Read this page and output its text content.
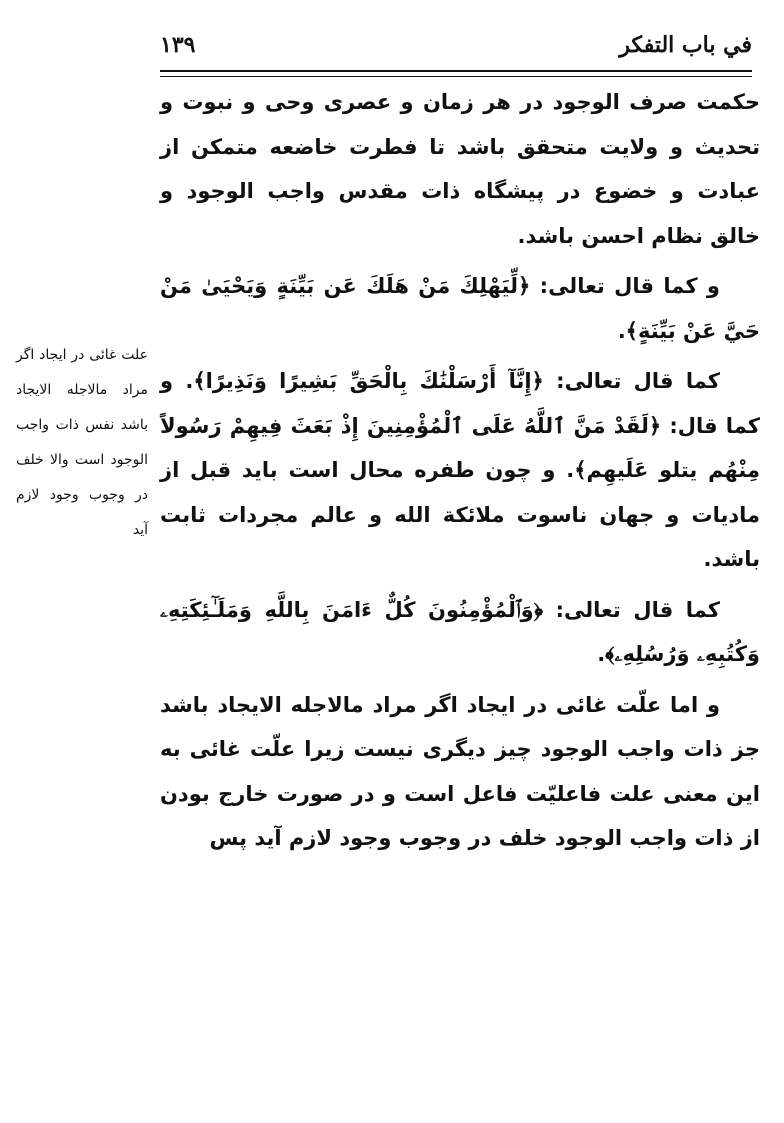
في باب التفكر
١٣٩

حکمت صرف الوجود در هر زمان و عصری وحی و نبوت و تحدیث و ولایت متحقق باشد تا فطرت خاضعه متمکن از عبادت و خضوع در پیشگاه ذات مقدس واجب الوجود و خالق نظام احسن باشد.

و کما قال تعالی: ﴿لِّيَهْلِكَ مَنْ هَلَكَ عَن بَيِّنَةٍ وَيَحْيَىٰ مَنْ حَيَّ عَنْ بَيِّنَةٍ﴾.

کما قال تعالی: ﴿إِنَّآ أَرْسَلْنَٰكَ بِالْحَقِّ بَشِيرًا وَنَذِيرًا﴾. و کما قال: ﴿لَقَدْ مَنَّ ٱللَّهُ عَلَى ٱلْمُؤْمِنِينَ إِذْ بَعَثَ فِيهِمْ رَسُولاً مِنْهُم يتلو عَلَيهِم﴾. و چون طفره محال است باید قبل از مادیات و جهان ناسوت ملائکة الله و عالم مجردات ثابت باشد.

کما قال تعالی: ﴿وَٱلْمُؤْمِنُونَ كُلٌّ ءَامَنَ بِاللَّهِ وَمَلَـٰٓئِكَتِهِۦ وَكُتُبِهِۦ وَرُسُلِهِۦ﴾.

و اما علّت غائی در ایجاد اگر مراد مالاجله الایجاد باشد جز ذات واجب الوجود چیز دیگری نیست زیرا علّت غائی به این معنی علت فاعلیّت فاعل است و در صورت خارج بودن از ذات واجب الوجود خلف در وجوب وجود لازم آید پس

علت غائی در ایجاد اگر مراد مالاجله الایجاد باشد نفس ذات واجب الوجود است والا خلف در وجوب وجود لازم آید
